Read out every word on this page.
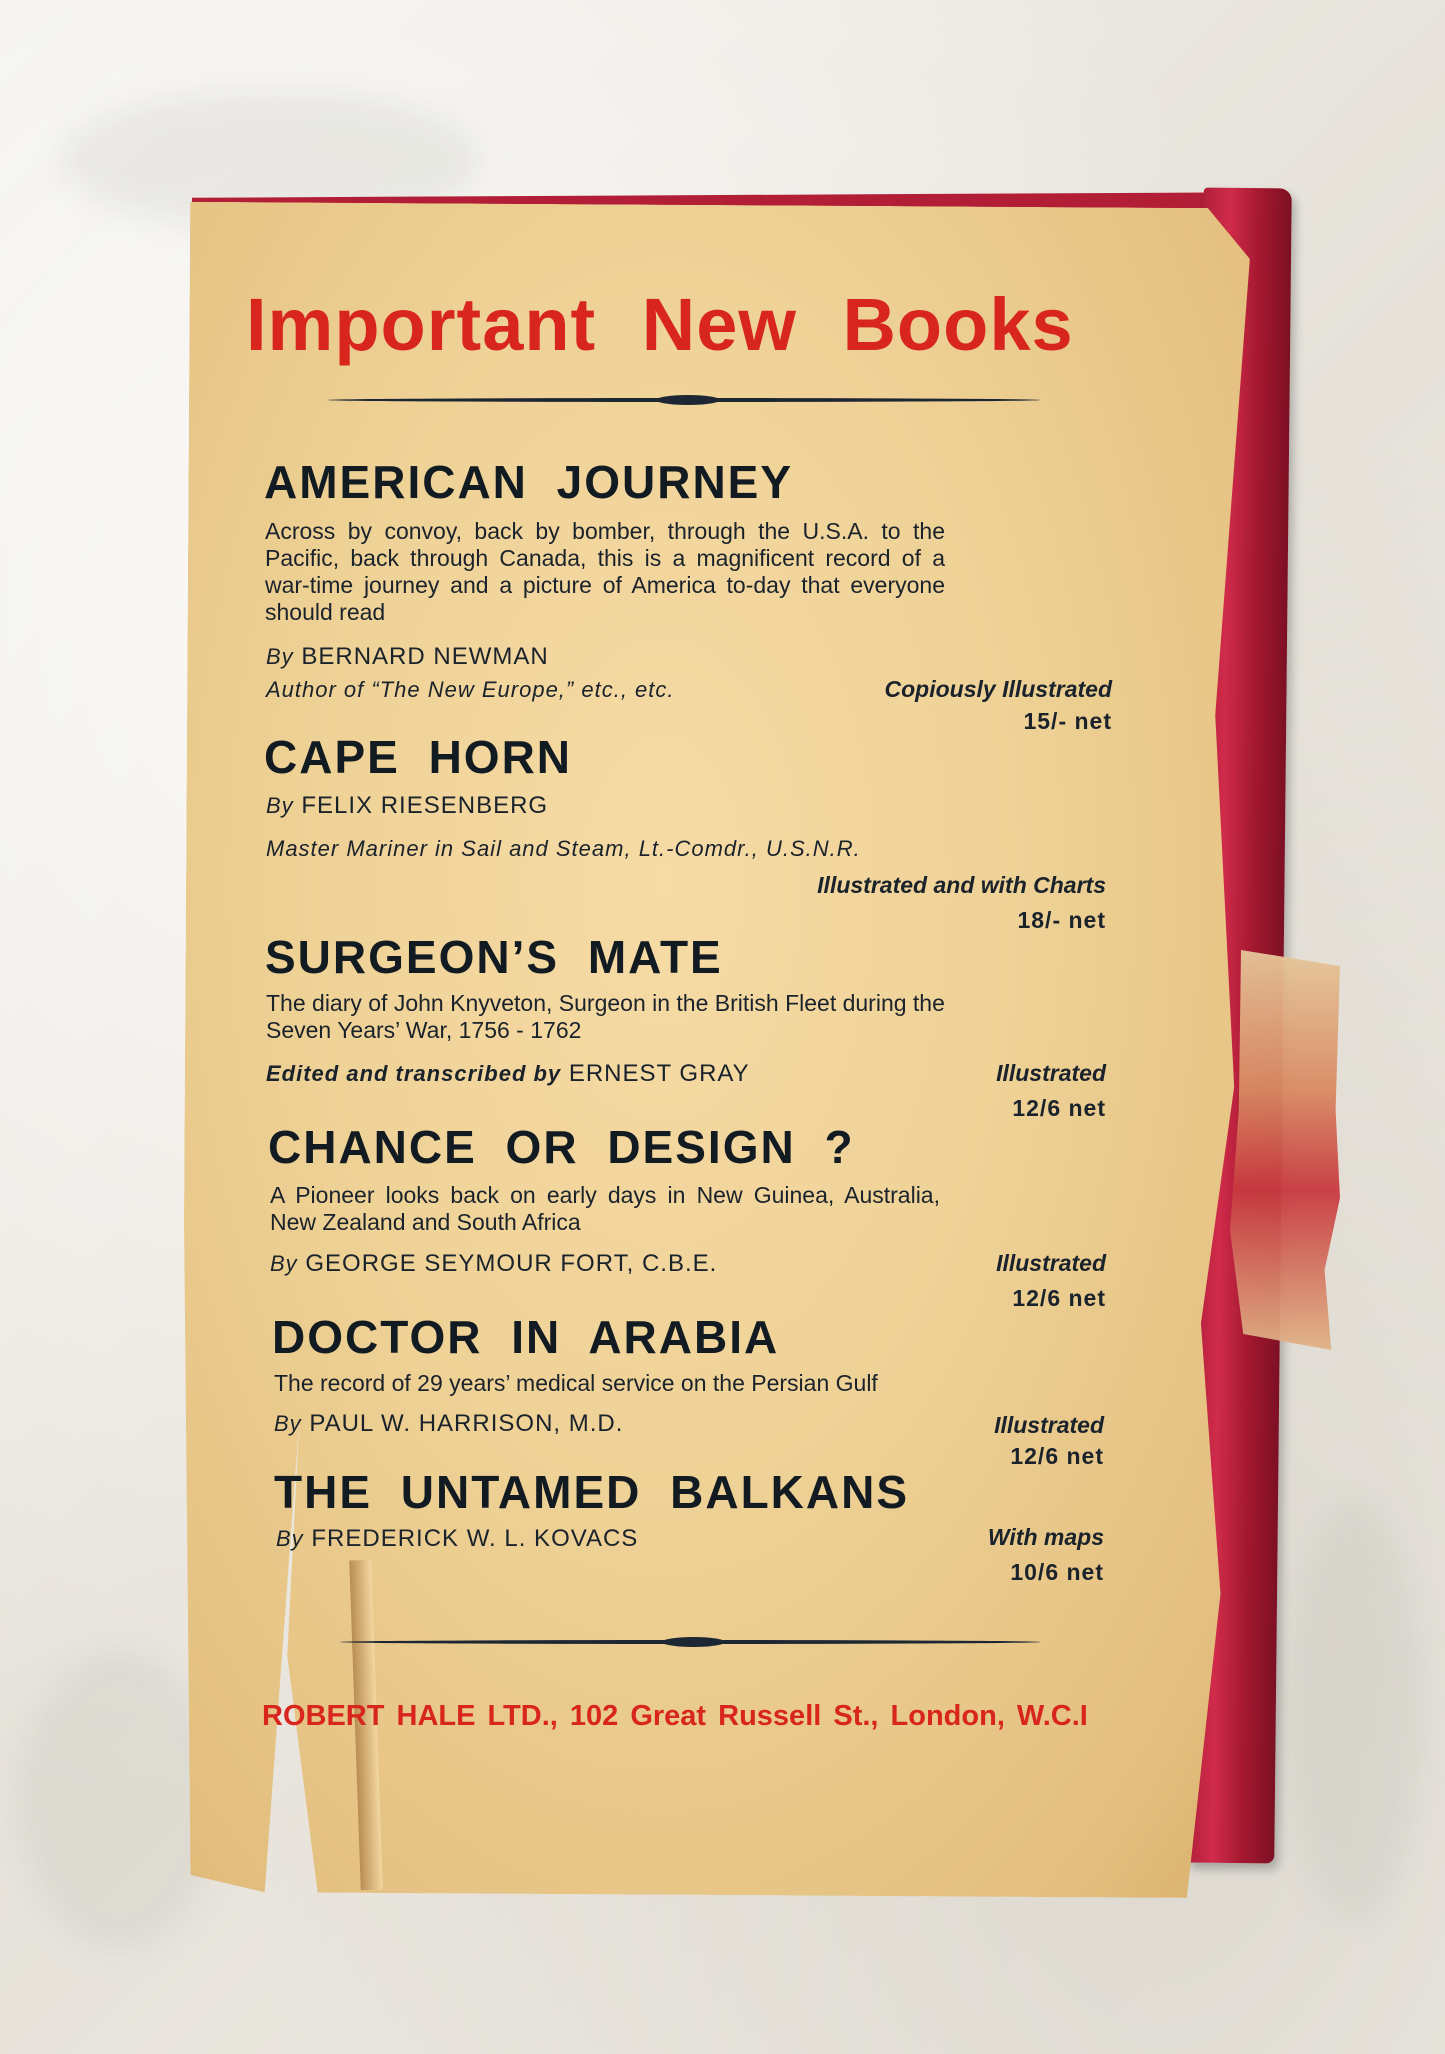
Important New Books
AMERICAN JOURNEY
Across by convoy, back by bomber, through the U.S.A. to the Pacific, back through Canada, this is a magnificent record of a war-time journey and a picture of America to-day that everyone should read
By BERNARD NEWMAN
Author of “The New Europe,” etc., etc.	Copiously Illustrated
15/- net
CAPE HORN
By FELIX RIESENBERG
Master Mariner in Sail and Steam, Lt.-Comdr., U.S.N.R.
Illustrated and with Charts
18/- net
SURGEON’S MATE
The diary of John Knyveton, Surgeon in the British Fleet during the Seven Years’ War, 1756 - 1762
Edited and transcribed by ERNEST GRAY	Illustrated
12/6 net
CHANCE OR DESIGN ?
A Pioneer looks back on early days in New Guinea, Australia, New Zealand and South Africa
By GEORGE SEYMOUR FORT, C.B.E.	Illustrated
12/6 net
DOCTOR IN ARABIA
The record of 29 years’ medical service on the Persian Gulf
By PAUL W. HARRISON, M.D.	Illustrated
12/6 net
THE UNTAMED BALKANS
By FREDERICK W. L. KOVACS	With maps
10/6 net
ROBERT HALE LTD., 102 Great Russell St., London, W.C.I
